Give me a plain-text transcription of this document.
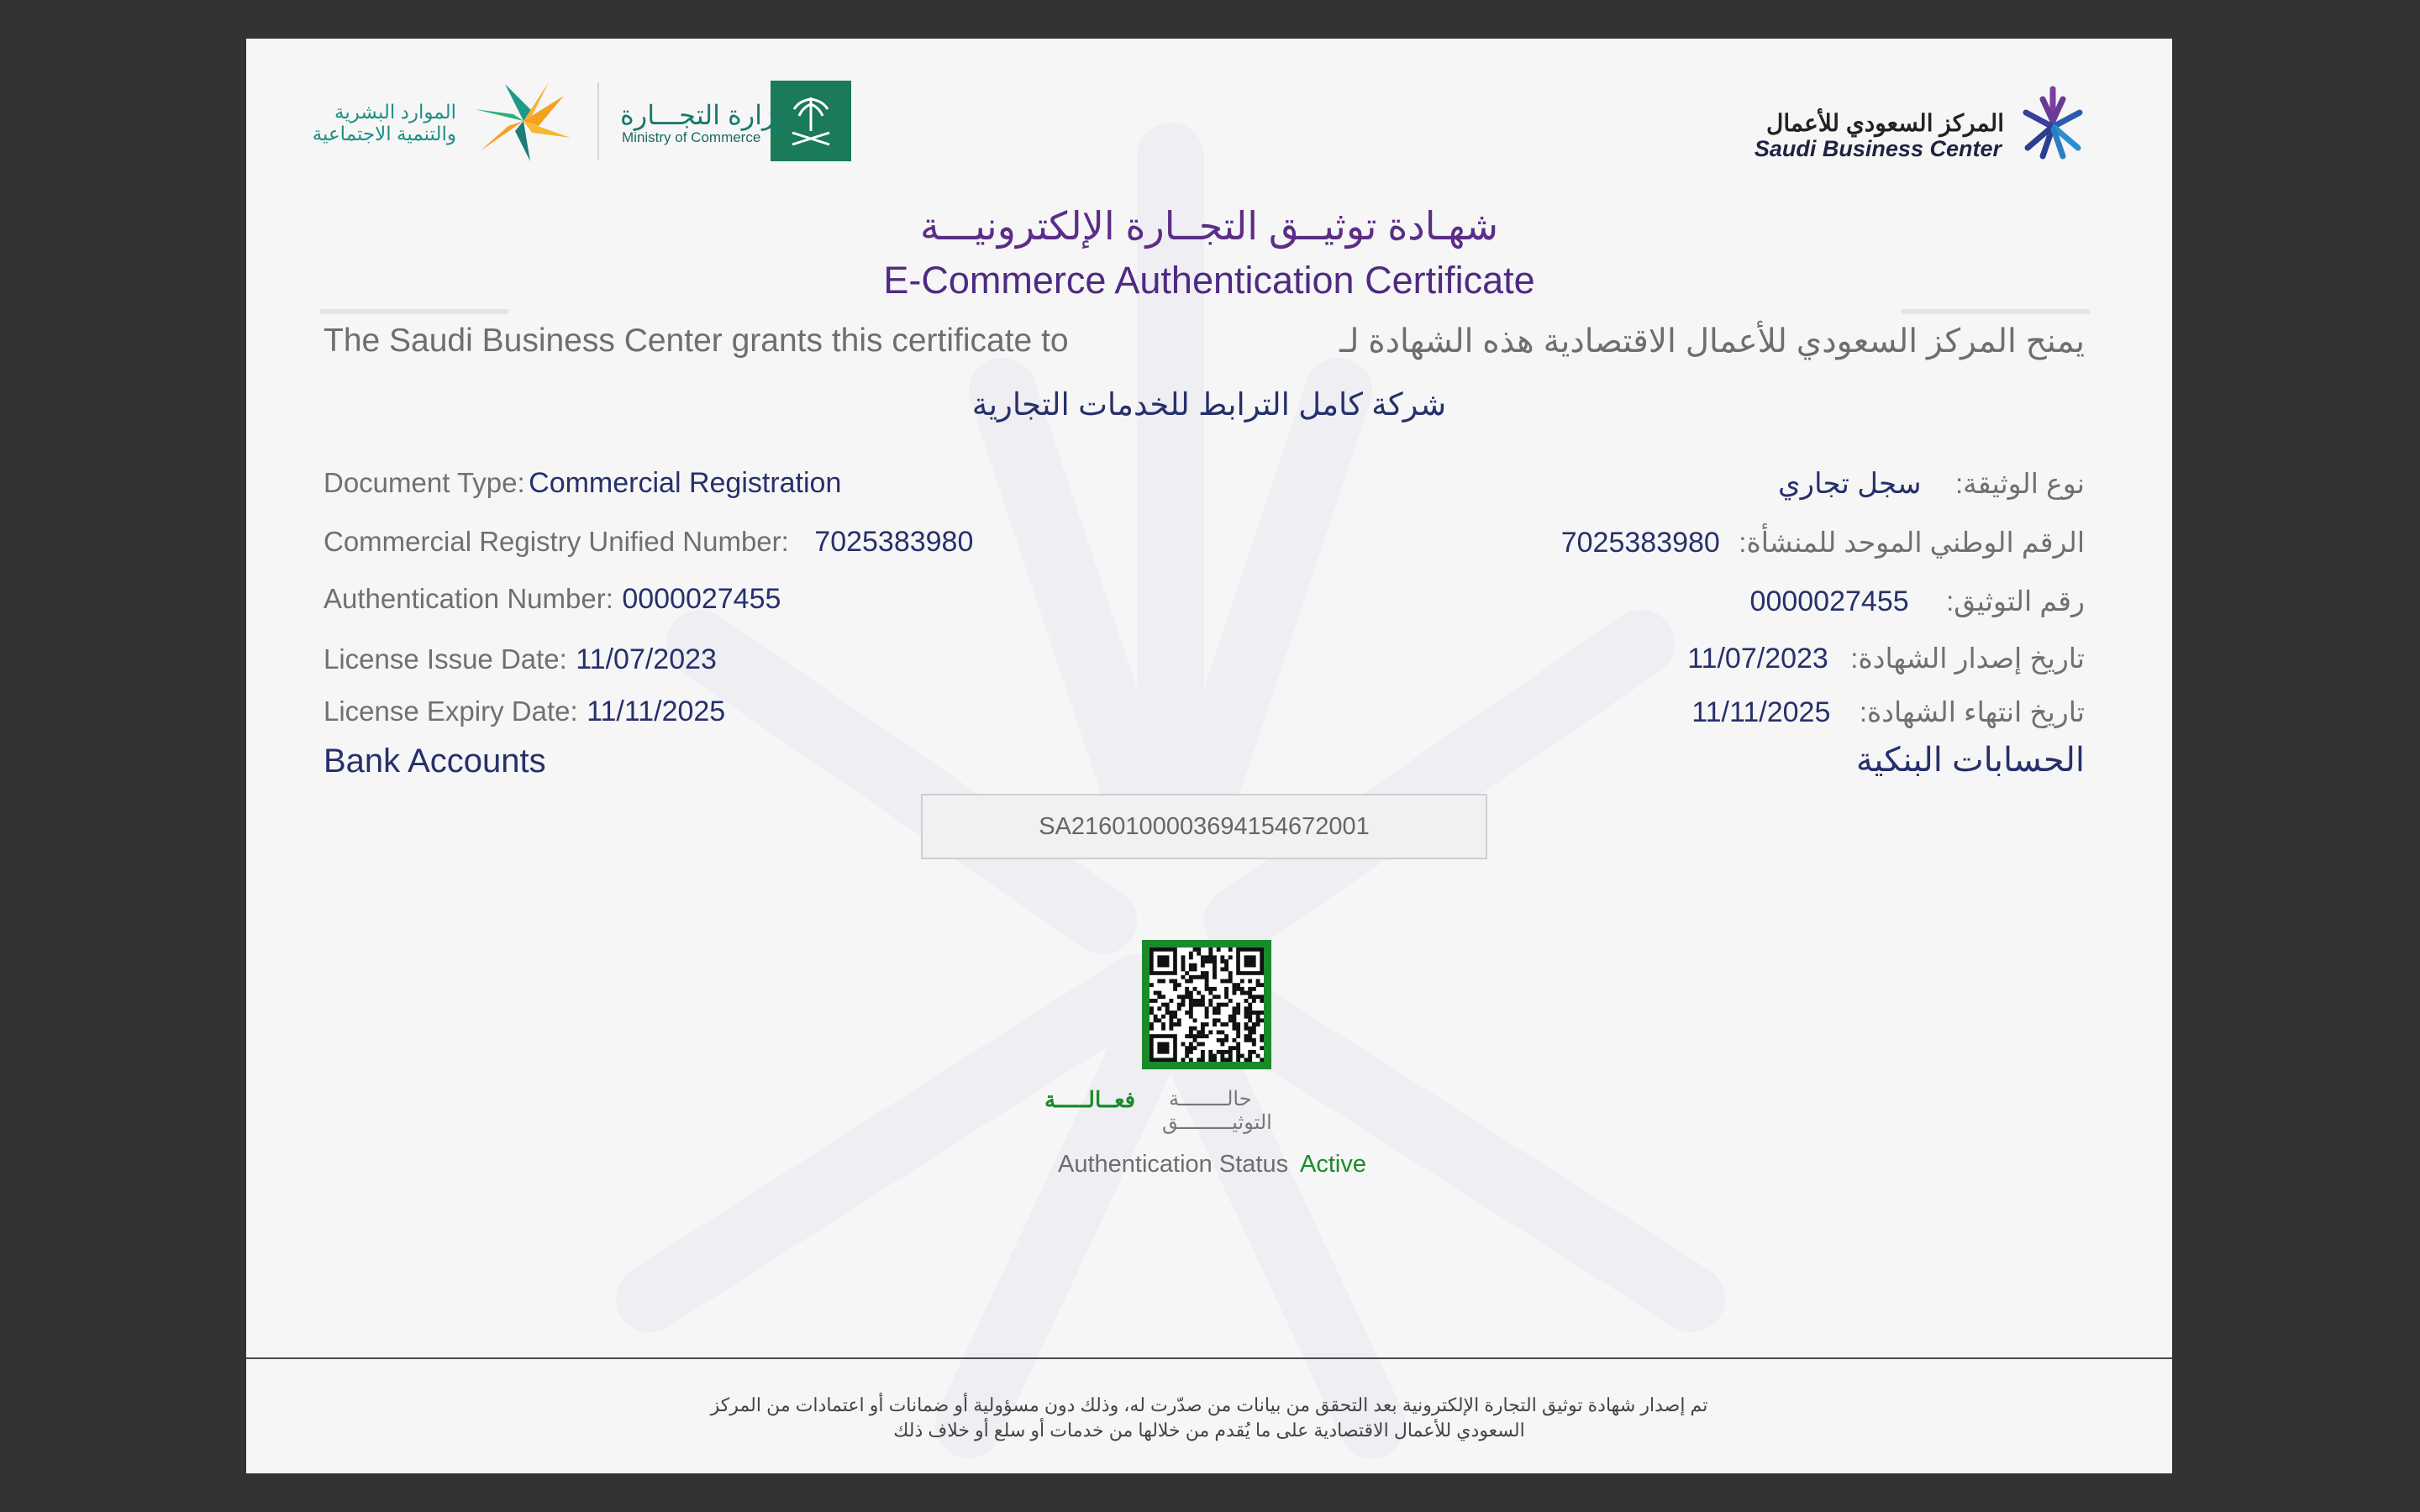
المركز السعودي للأعمال
Saudi Business Center
وزارة التجـــارة
Ministry of Commerce
الموارد البشرية
والتنمية الاجتماعية
شهـادة توثيــق التجــارة الإلكترونيـــة
E-Commerce Authentication Certificate
The Saudi Business Center grants this certificate to	يمنح المركز السعودي للأعمال الاقتصادية هذه الشهادة لـ
شركة كامل الترابط للخدمات التجارية
Document Type: Commercial Registration
Commercial Registry Unified Number: 7025383980
Authentication Number: 0000027455
License Issue Date: 11/07/2023
License Expiry Date: 11/11/2025
نوع الوثيقة: سجل تجاري
الرقم الوطني الموحد للمنشأة: 7025383980
رقم التوثيق: 0000027455
تاريخ إصدار الشهادة: 11/07/2023
تاريخ انتهاء الشهادة: 11/11/2025
Bank Accounts	الحسابات البنكية
SA2160100003694154672001
حالــــــــة
التوثيـــــــــق
فعــالـــــة
Authentication Status Active
تم إصدار شهادة توثيق التجارة الإلكترونية بعد التحقق من بيانات من صدّرت له، وذلك دون مسؤولية أو ضمانات أو اعتمادات من المركز
السعودي للأعمال الاقتصادية على ما يُقدم من خلالها من خدمات أو سلع أو خلاف ذلك
